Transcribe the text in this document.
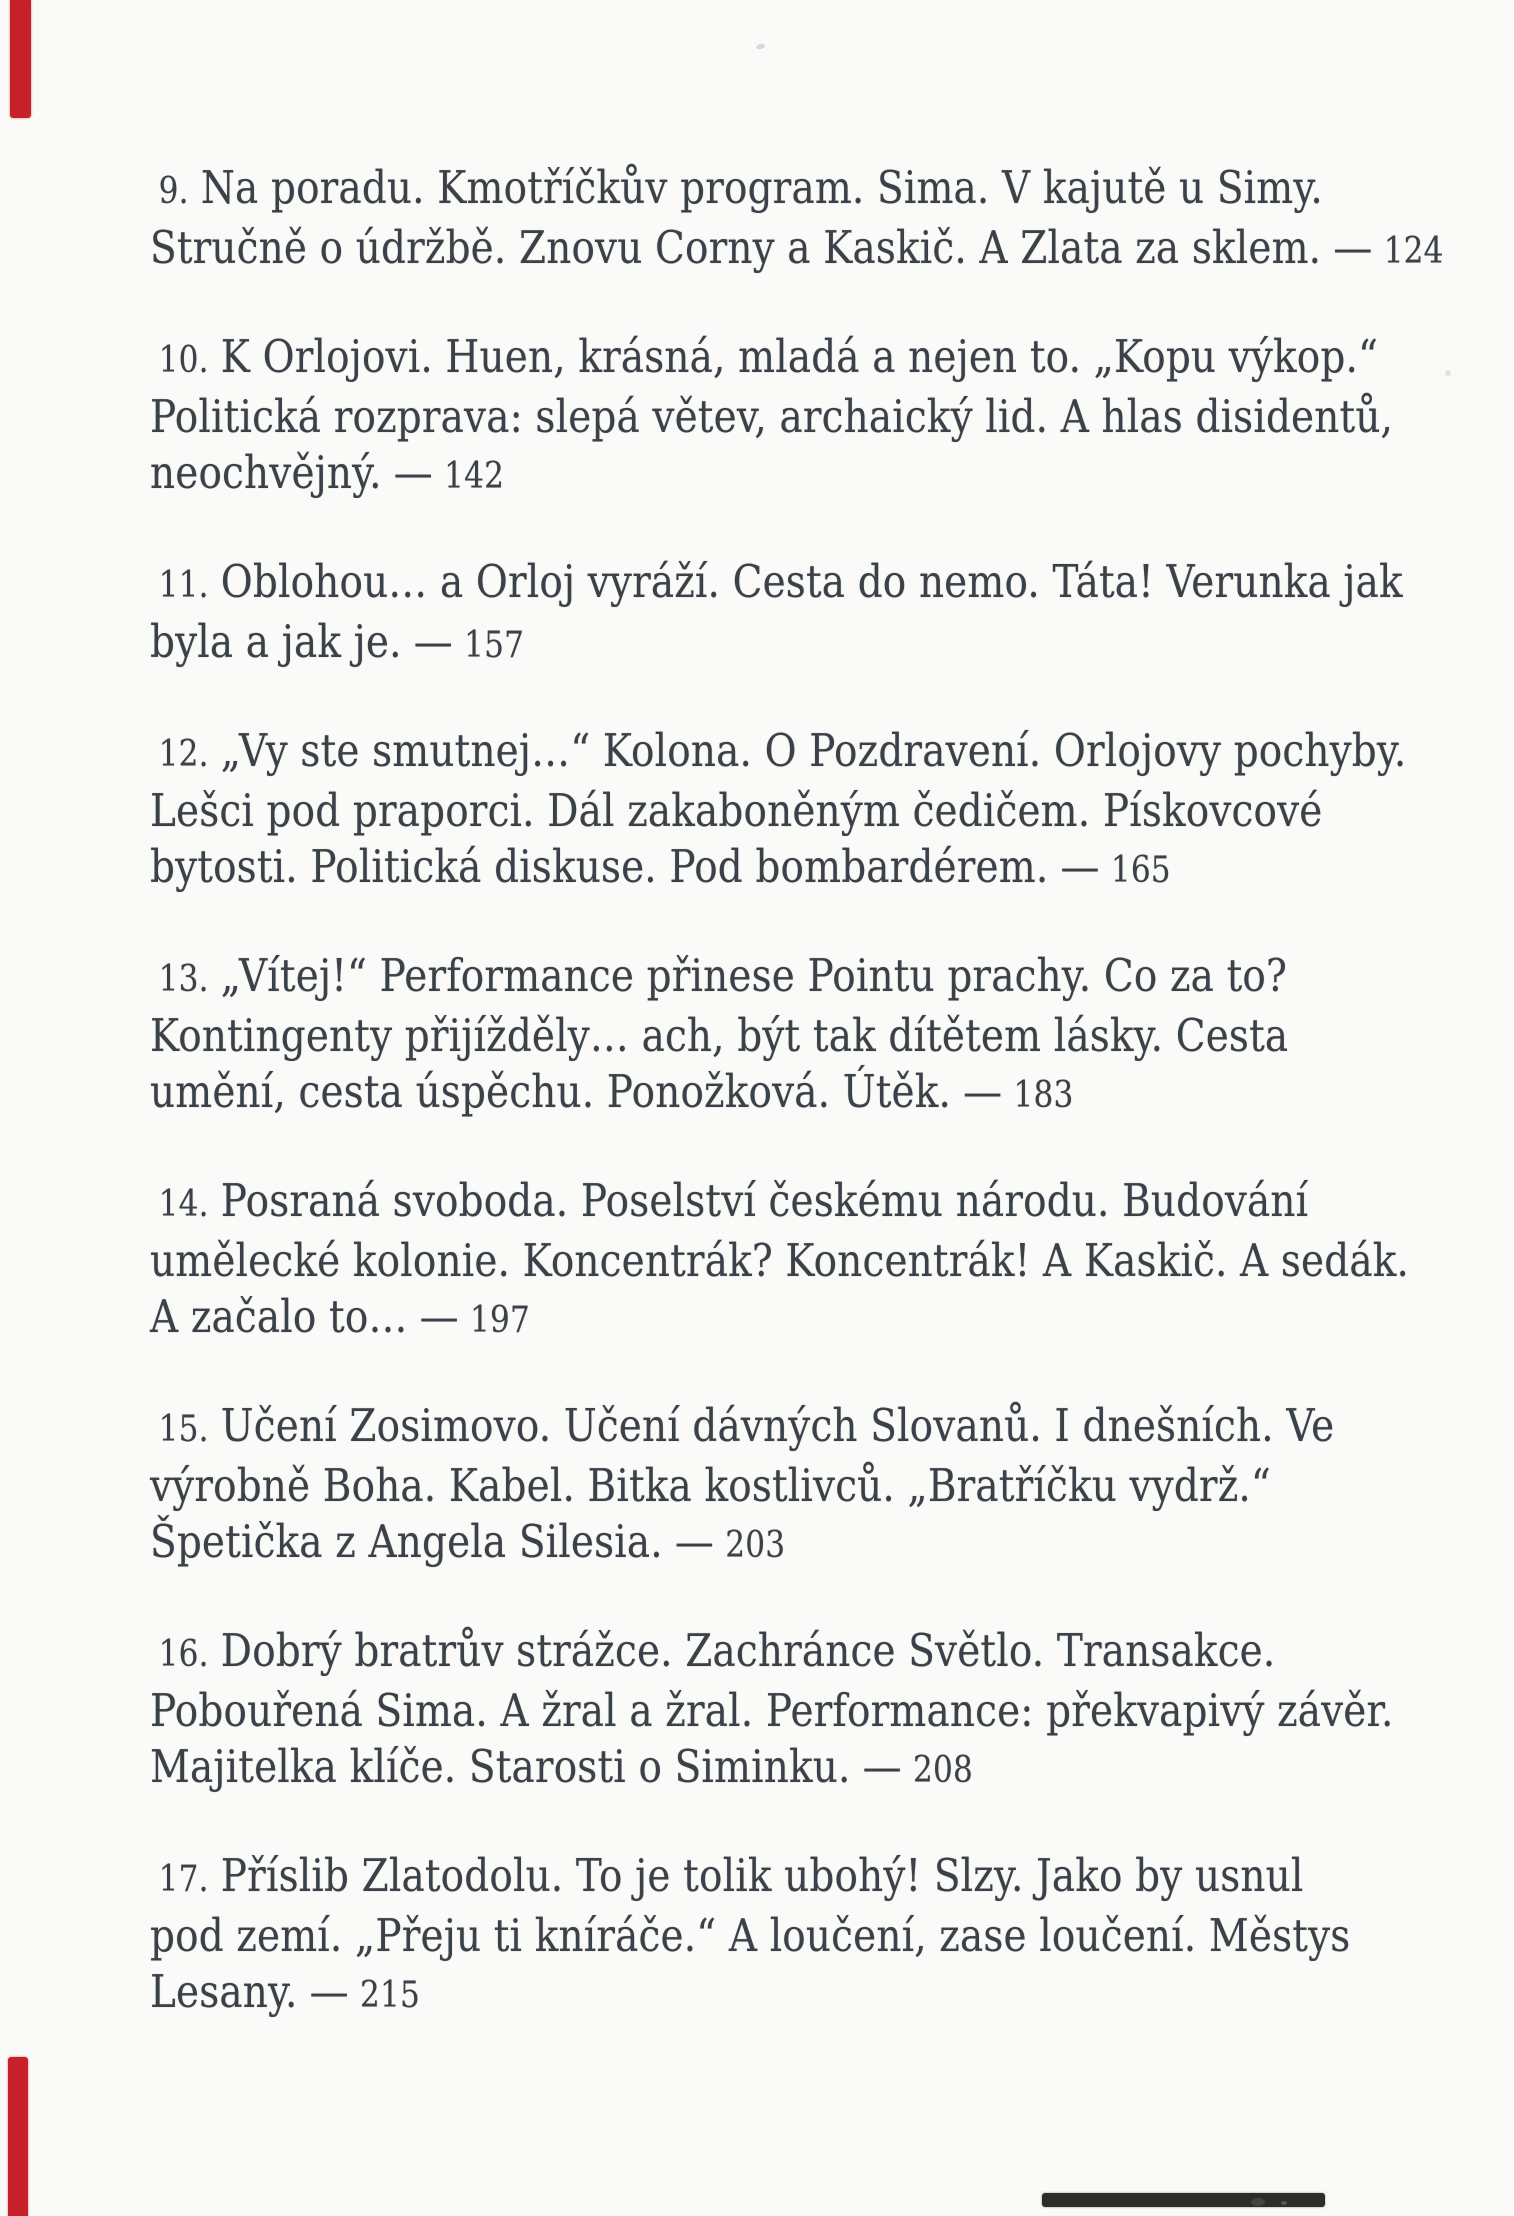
9. Na poradu. Kmotříčkův program. Sima. V kajutě u Simy.
Stručně o údržbě. Znovu Corny a Kaskič. A Zlata za sklem. — 124

10. K Orlojovi. Huen, krásná, mladá a nejen to. „Kopu výkop.“
Politická rozprava: slepá větev, archaický lid. A hlas disidentů,
neochvějný. — 142

11. Oblohou… a Orloj vyráží. Cesta do nemo. Táta! Verunka jak
byla a jak je. — 157

12. „Vy ste smutnej…“ Kolona. O Pozdravení. Orlojovy pochyby.
Lešci pod praporci. Dál zakaboněným čedičem. Pískovcové
bytosti. Politická diskuse. Pod bombardérem. — 165

13. „Vítej!“ Performance přinese Pointu prachy. Co za to?
Kontingenty přijížděly… ach, být tak dítětem lásky. Cesta
umění, cesta úspěchu. Ponožková. Útěk. — 183

14. Posraná svoboda. Poselství českému národu. Budování
umělecké kolonie. Koncentrák? Koncentrák! A Kaskič. A sedák.
A začalo to… — 197

15. Učení Zosimovo. Učení dávných Slovanů. I dnešních. Ve
výrobně Boha. Kabel. Bitka kostlivců. „Bratříčku vydrž.“
Špetička z Angela Silesia. — 203

16. Dobrý bratrův strážce. Zachránce Světlo. Transakce.
Pobouřená Sima. A žral a žral. Performance: překvapivý závěr.
Majitelka klíče. Starosti o Siminku. — 208

17. Příslib Zlatodolu. To je tolik ubohý! Slzy. Jako by usnul
pod zemí. „Přeju ti kníráče.“ A loučení, zase loučení. Městys
Lesany. — 215
